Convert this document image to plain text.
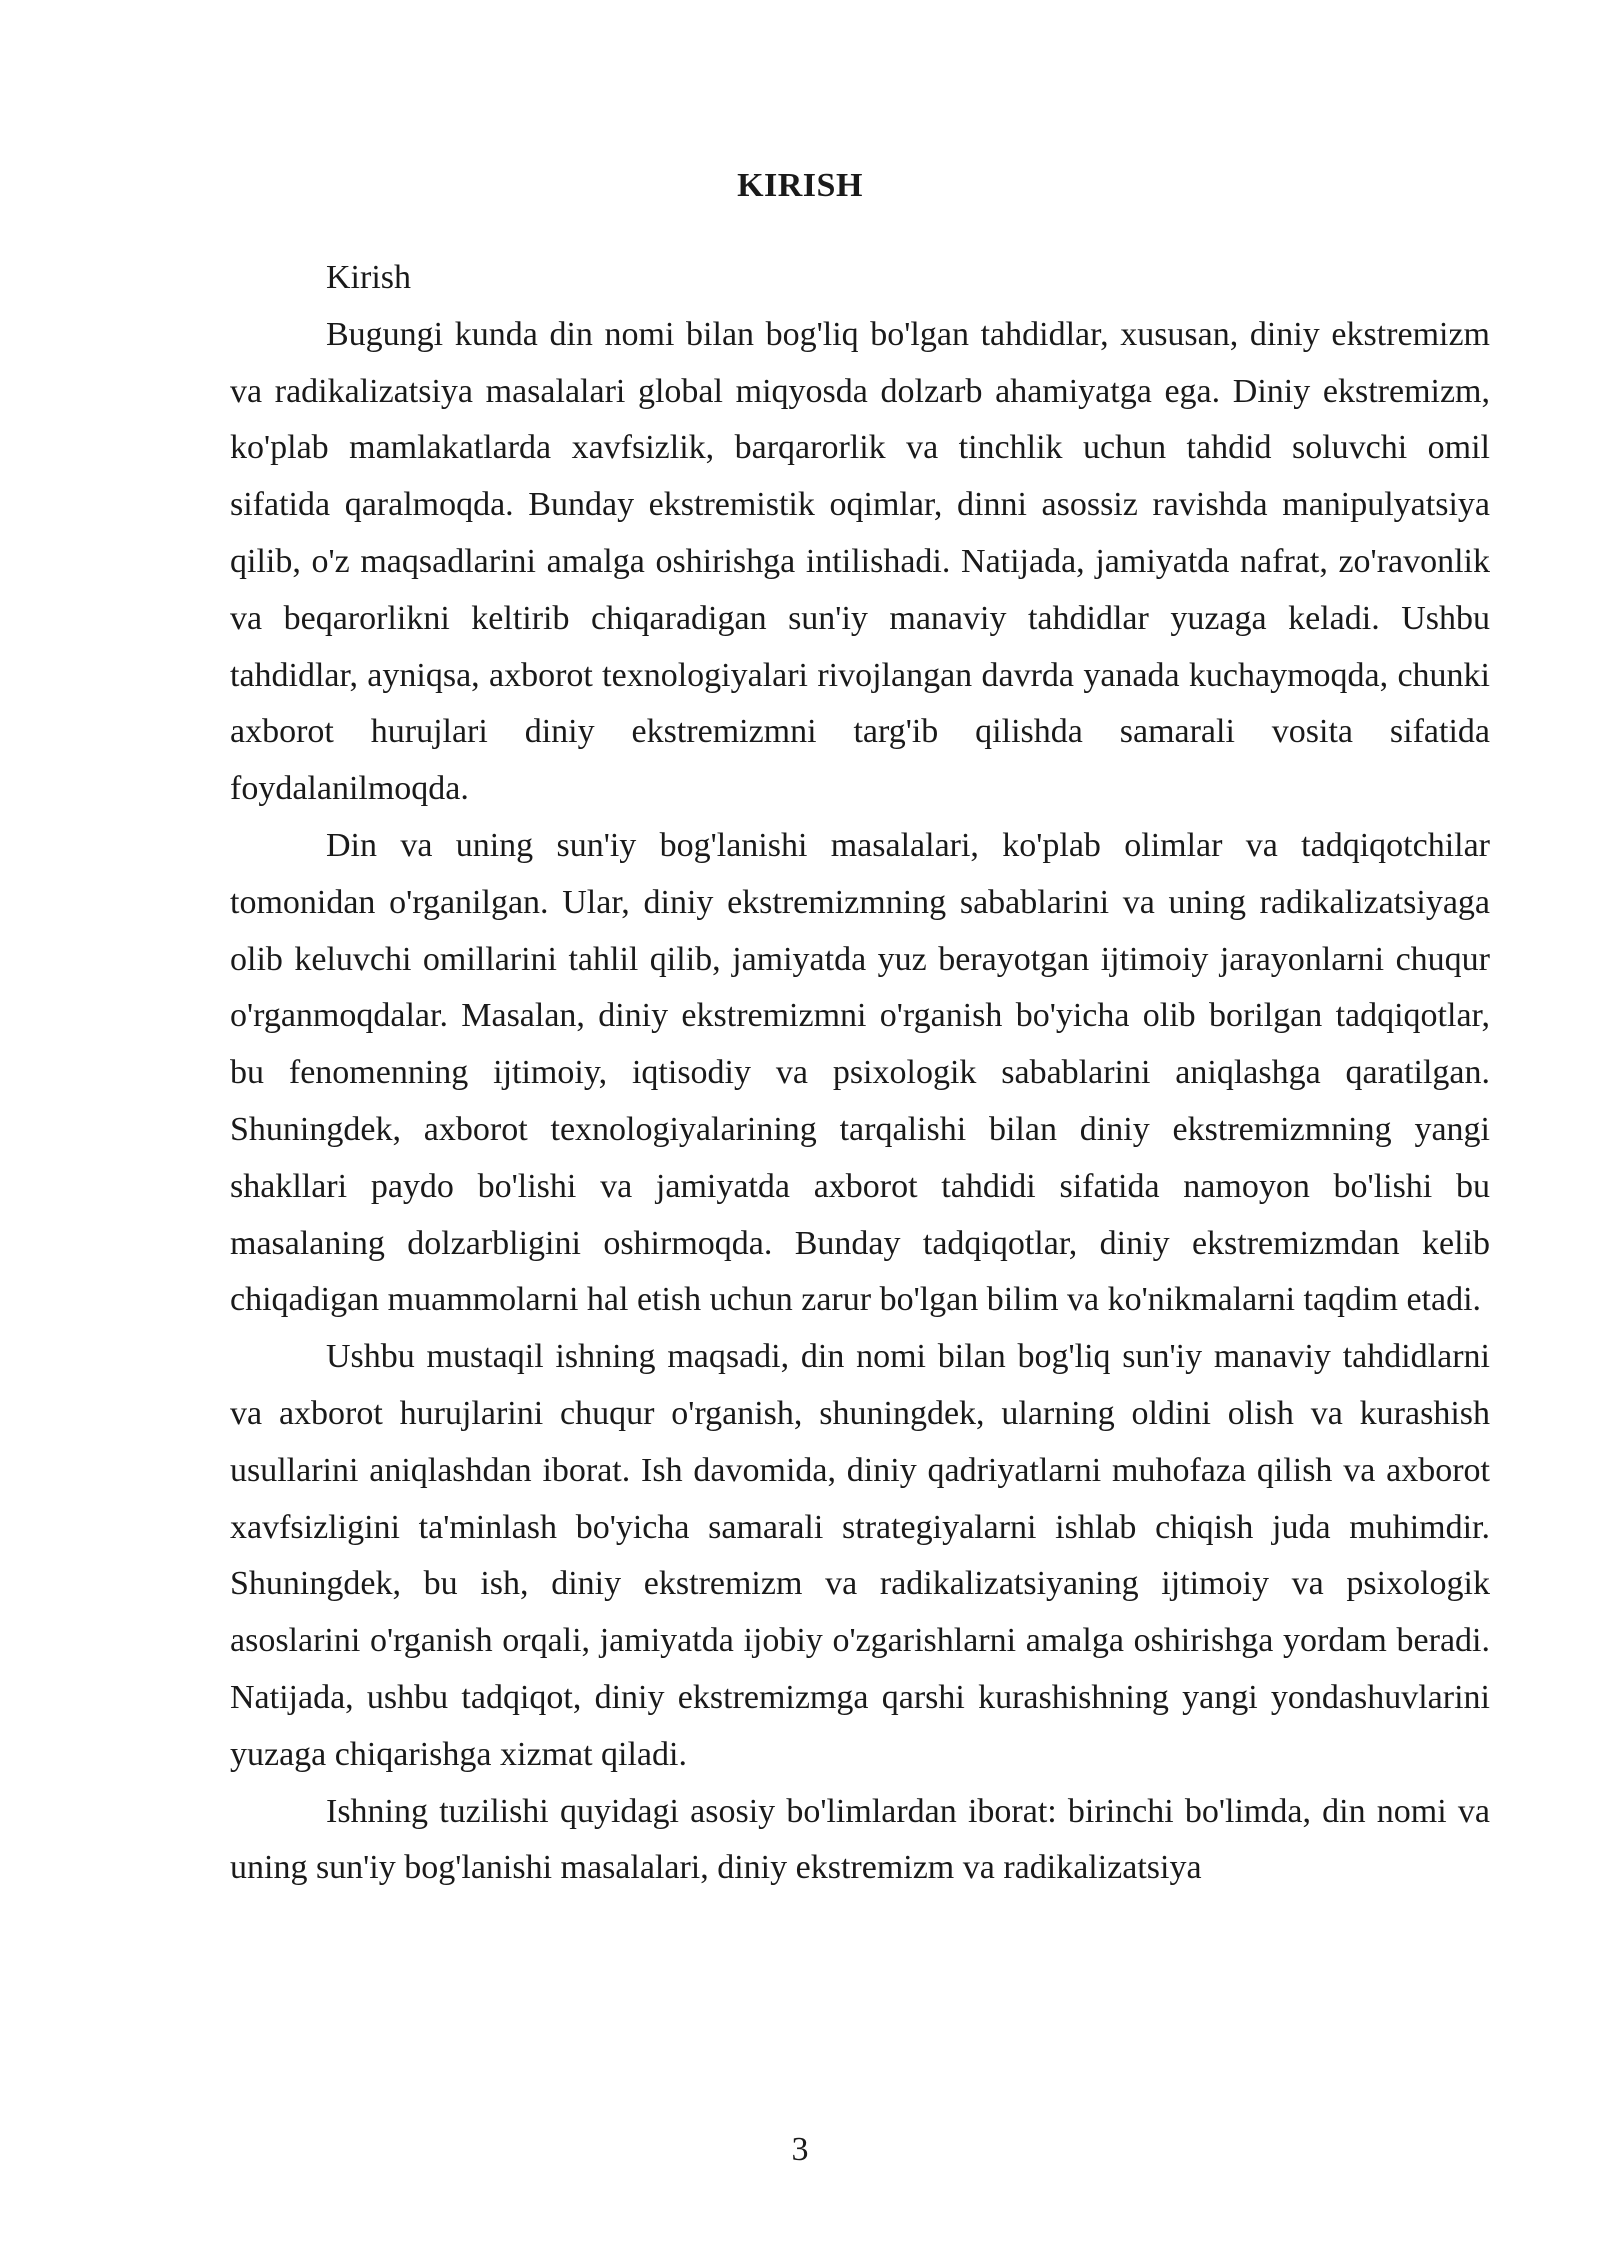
KIRISH

Kirish

Bugungi kunda din nomi bilan bog'liq bo'lgan tahdidlar, xususan, diniy ekstremizm va radikalizatsiya masalalari global miqyosda dolzarb ahamiyatga ega. Diniy ekstremizm, ko'plab mamlakatlarda xavfsizlik, barqarorlik va tinchlik uchun tahdid soluvchi omil sifatida qaralmoqda. Bunday ekstremistik oqimlar, dinni asossiz ravishda manipulyatsiya qilib, o'z maqsadlarini amalga oshirishga intilishadi. Natijada, jamiyatda nafrat, zo'ravonlik va beqarorlikni keltirib chiqaradigan sun'iy manaviy tahdidlar yuzaga keladi. Ushbu tahdidlar, ayniqsa, axborot texnologiyalari rivojlangan davrda yanada kuchaymoqda, chunki axborot hurujlari diniy ekstremizmni targ'ib qilishda samarali vosita sifatida foydalanilmoqda.

Din va uning sun'iy bog'lanishi masalalari, ko'plab olimlar va tadqiqotchilar tomonidan o'rganilgan. Ular, diniy ekstremizmning sabablarini va uning radikalizatsiyaga olib keluvchi omillarini tahlil qilib, jamiyatda yuz berayotgan ijtimoiy jarayonlarni chuqur o'rganmoqdalar. Masalan, diniy ekstremizmni o'rganish bo'yicha olib borilgan tadqiqotlar, bu fenomenning ijtimoiy, iqtisodiy va psixologik sabablarini aniqlashga qaratilgan. Shuningdek, axborot texnologiyalarining tarqalishi bilan diniy ekstremizmning yangi shakllari paydo bo'lishi va jamiyatda axborot tahdidi sifatida namoyon bo'lishi bu masalaning dolzarbligini oshirmoqda. Bunday tadqiqotlar, diniy ekstremizmdan kelib chiqadigan muammolarni hal etish uchun zarur bo'lgan bilim va ko'nikmalarni taqdim etadi.

Ushbu mustaqil ishning maqsadi, din nomi bilan bog'liq sun'iy manaviy tahdidlarni va axborot hurujlarini chuqur o'rganish, shuningdek, ularning oldini olish va kurashish usullarini aniqlashdan iborat. Ish davomida, diniy qadriyatlarni muhofaza qilish va axborot xavfsizligini ta'minlash bo'yicha samarali strategiyalarni ishlab chiqish juda muhimdir. Shuningdek, bu ish, diniy ekstremizm va radikalizatsiyaning ijtimoiy va psixologik asoslarini o'rganish orqali, jamiyatda ijobiy o'zgarishlarni amalga oshirishga yordam beradi. Natijada, ushbu tadqiqot, diniy ekstremizmga qarshi kurashishning yangi yondashuvlarini yuzaga chiqarishga xizmat qiladi.

Ishning tuzilishi quyidagi asosiy bo'limlardan iborat: birinchi bo'limda, din nomi va uning sun'iy bog'lanishi masalalari, diniy ekstremizm va radikalizatsiya

3
